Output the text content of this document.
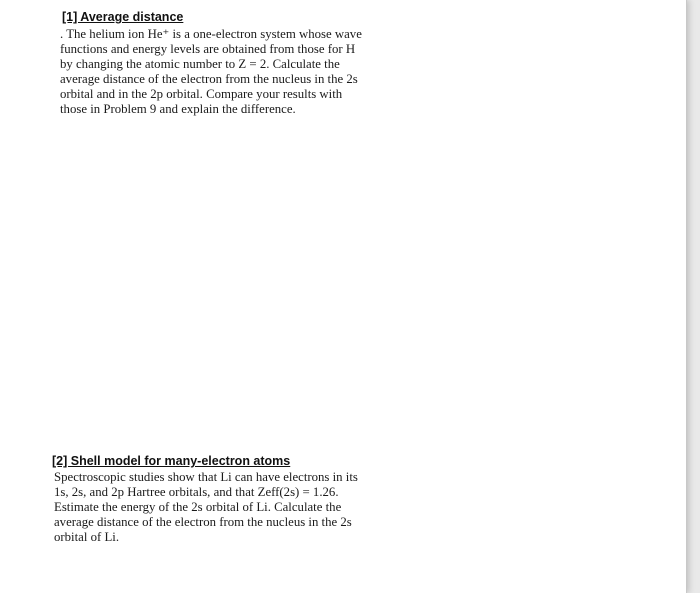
[1] Average distance

. The helium ion He⁺ is a one-electron system whose wave
functions and energy levels are obtained from those for H
by changing the atomic number to Z = 2. Calculate the
average distance of the electron from the nucleus in the 2s
orbital and in the 2p orbital. Compare your results with
those in Problem 9 and explain the difference.

[2] Shell model for many-electron atoms

Spectroscopic studies show that Li can have electrons in its
1s, 2s, and 2p Hartree orbitals, and that Zeff(2s) = 1.26.
Estimate the energy of the 2s orbital of Li. Calculate the
average distance of the electron from the nucleus in the 2s
orbital of Li.
